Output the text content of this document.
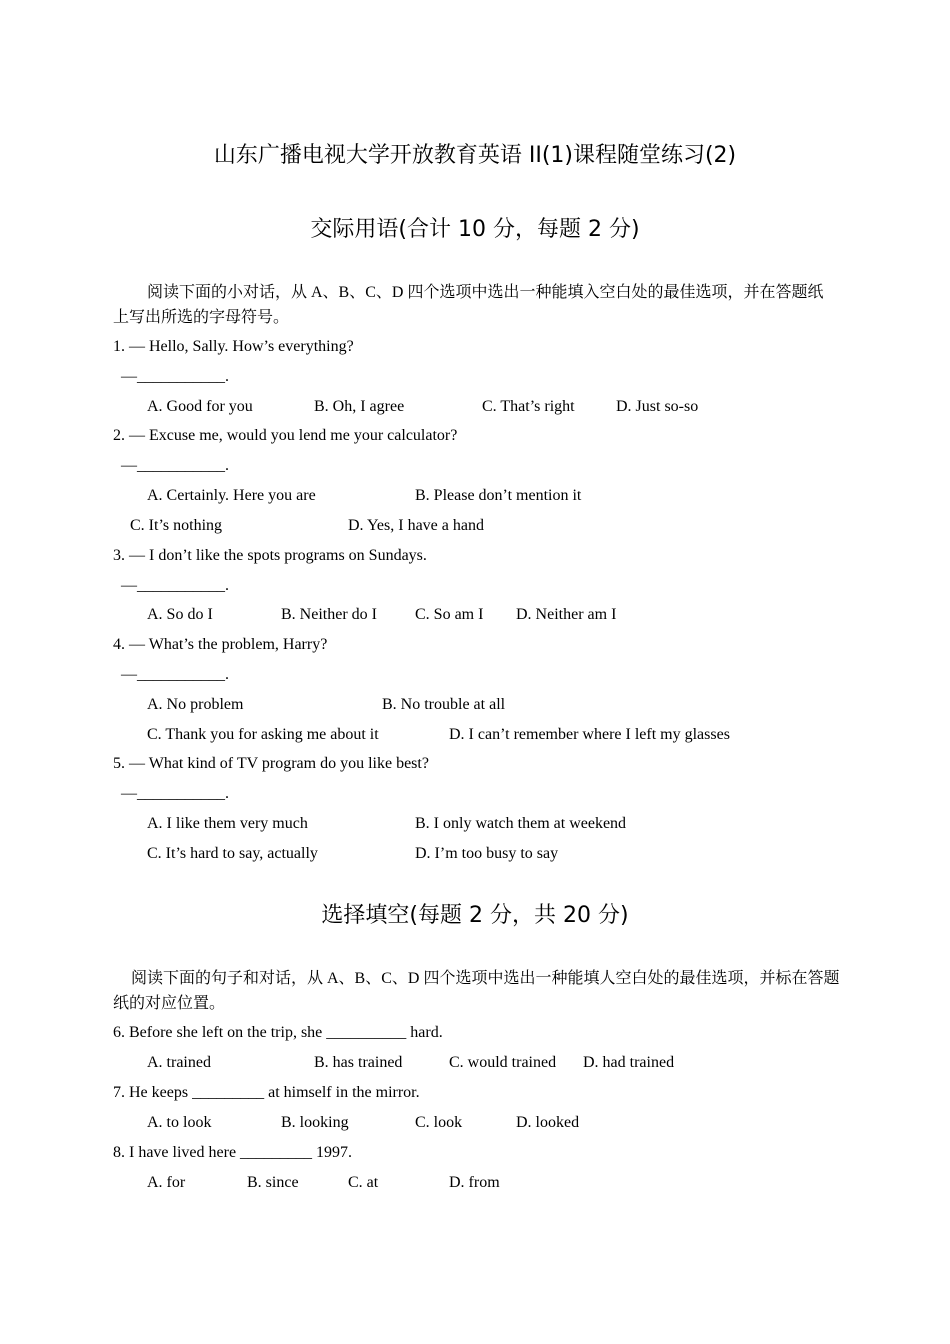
山东广播电视大学开放教育英语 II(1)课程随堂练习(2)
交际用语(合计 10 分，每题 2 分)
阅读下面的小对话，从 A、B、C、D 四个选项中选出一种能填入空白处的最佳选项，并在答题纸上写出所选的字母符号。
1. — Hello, Sally. How’s everything?
—___________.
A. Good for you	B. Oh, I agree	C. That’s right	D. Just so-so
2. — Excuse me, would you lend me your calculator?
—___________.
A. Certainly. Here you are	B. Please don’t mention it
C. It’s nothing	D. Yes, I have a hand
3. — I don’t like the spots programs on Sundays.
—___________.
A. So do I	B. Neither do I C. So am I D. Neither am I
4. — What’s the problem, Harry?
—___________.
A. No problem	B. No trouble at all
C. Thank you for asking me about it	D. I can’t remember where I left my glasses
5. — What kind of TV program do you like best?
—___________.
A. I like them very much	B. I only watch them at weekend
C. It’s hard to say, actually	D. I’m too busy to say
选择填空(每题 2 分，共 20 分)
阅读下面的句子和对话，从 A、B、C、D 四个选项中选出一种能填人空白处的最佳选项，并标在答题纸的对应位置。
6. Before she left on the trip, she __________ hard.
A. trained	B. has trained	C. would trained D. had trained
7. He keeps _________ at himself in the mirror.
A. to look	B. looking	C. look	D. looked
8. I have lived here _________ 1997.
A. for	B. since	C. at	D. from
